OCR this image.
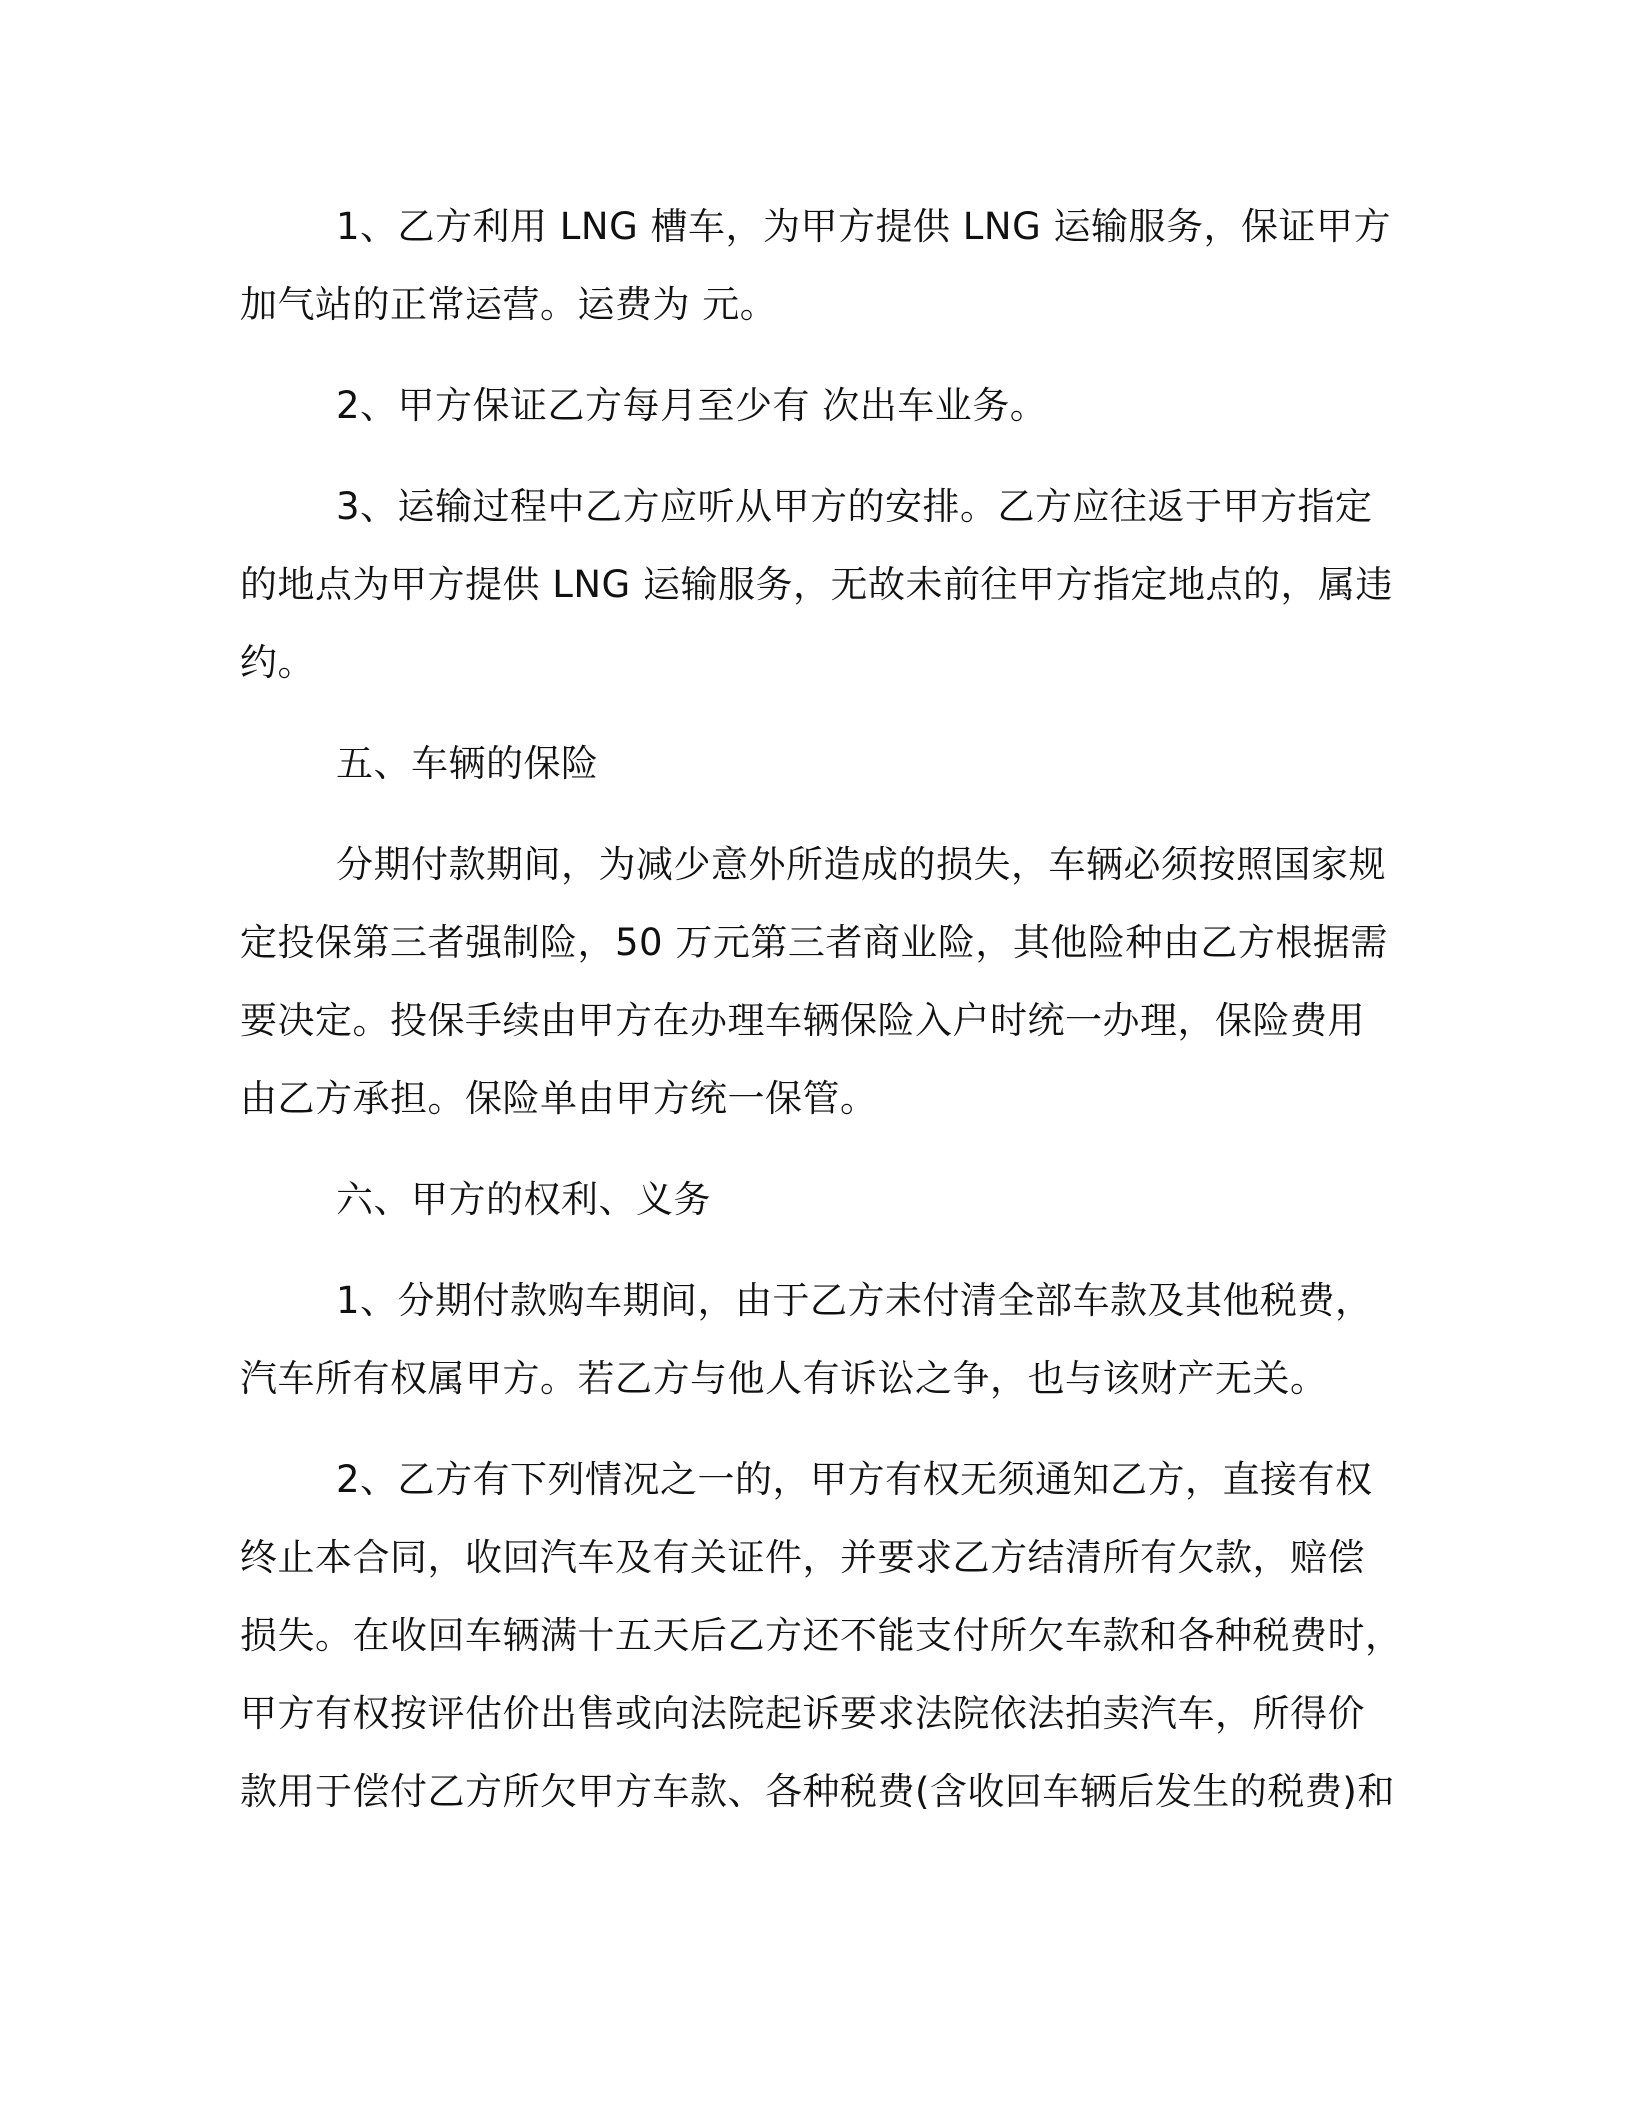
1、乙方利用 LNG 槽车，为甲方提供 LNG 运输服务，保证甲方
加气站的正常运营。运费为 元。
2、甲方保证乙方每月至少有 次出车业务。
3、运输过程中乙方应听从甲方的安排。乙方应往返于甲方指定
的地点为甲方提供 LNG 运输服务，无故未前往甲方指定地点的，属违
约。
五、车辆的保险
分期付款期间，为减少意外所造成的损失，车辆必须按照国家规
定投保第三者强制险，50 万元第三者商业险，其他险种由乙方根据需
要决定。投保手续由甲方在办理车辆保险入户时统一办理，保险费用
由乙方承担。保险单由甲方统一保管。
六、甲方的权利、义务
1、分期付款购车期间，由于乙方未付清全部车款及其他税费，
汽车所有权属甲方。若乙方与他人有诉讼之争，也与该财产无关。
2、乙方有下列情况之一的，甲方有权无须通知乙方，直接有权
终止本合同，收回汽车及有关证件，并要求乙方结清所有欠款，赔偿
损失。在收回车辆满十五天后乙方还不能支付所欠车款和各种税费时，
甲方有权按评估价出售或向法院起诉要求法院依法拍卖汽车，所得价
款用于偿付乙方所欠甲方车款、各种税费(含收回车辆后发生的税费)和
